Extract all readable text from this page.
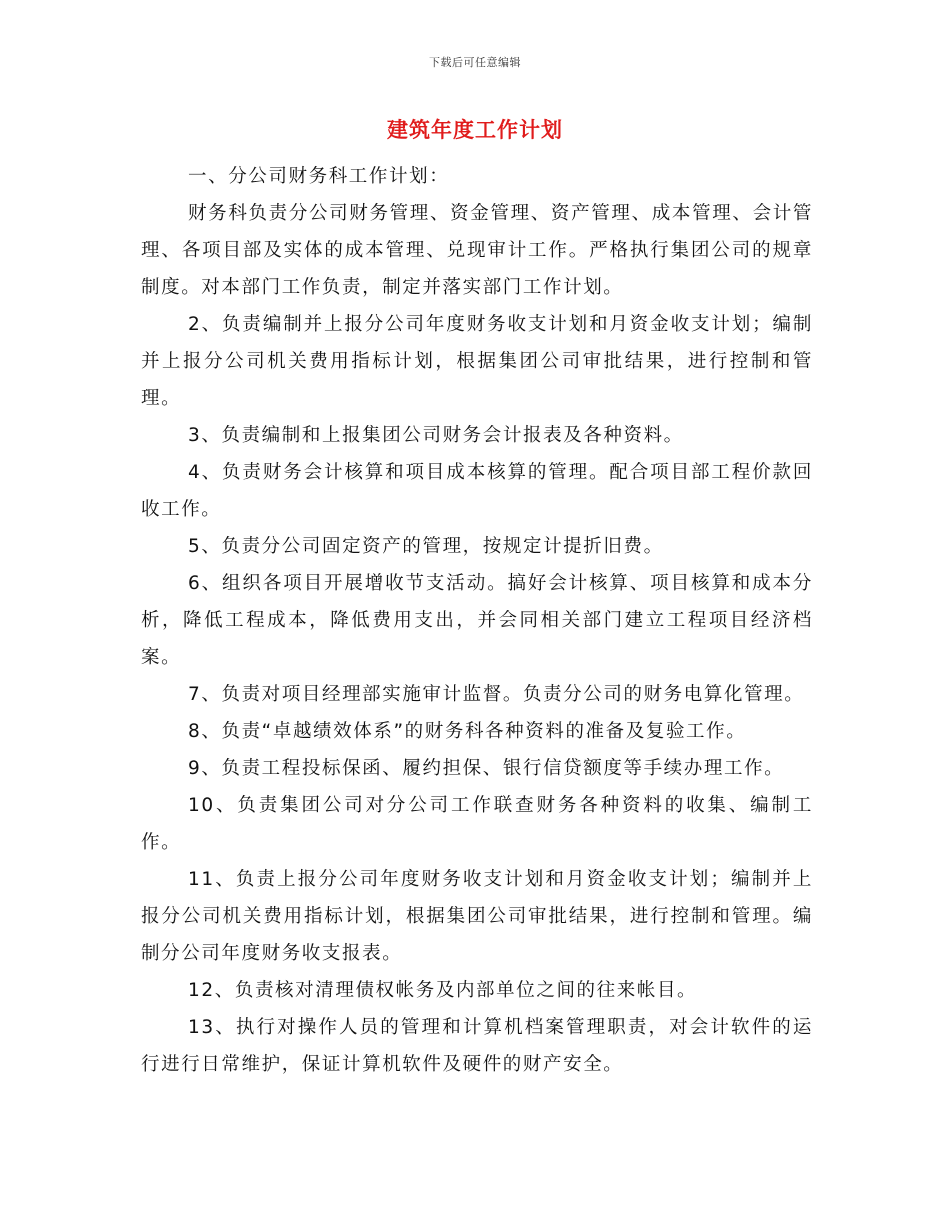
下载后可任意编辑
建筑年度工作计划

一、分公司财务科工作计划：

财务科负责分公司财务管理、资金管理、资产管理、成本管理、会计管理、各项目部及实体的成本管理、兑现审计工作。严格执行集团公司的规章制度。对本部门工作负责，制定并落实部门工作计划。

2、负责编制并上报分公司年度财务收支计划和月资金收支计划；编制并上报分公司机关费用指标计划，根据集团公司审批结果，进行控制和管理。

3、负责编制和上报集团公司财务会计报表及各种资料。

4、负责财务会计核算和项目成本核算的管理。配合项目部工程价款回收工作。

5、负责分公司固定资产的管理，按规定计提折旧费。

6、组织各项目开展增收节支活动。搞好会计核算、项目核算和成本分析，降低工程成本，降低费用支出，并会同相关部门建立工程项目经济档案。

7、负责对项目经理部实施审计监督。负责分公司的财务电算化管理。

8、负责“卓越绩效体系”的财务科各种资料的准备及复验工作。

9、负责工程投标保函、履约担保、银行信贷额度等手续办理工作。

10、负责集团公司对分公司工作联查财务各种资料的收集、编制工作。

11、负责上报分公司年度财务收支计划和月资金收支计划；编制并上报分公司机关费用指标计划，根据集团公司审批结果，进行控制和管理。编制分公司年度财务收支报表。

12、负责核对清理债权帐务及内部单位之间的往来帐目。

13、执行对操作人员的管理和计算机档案管理职责，对会计软件的运行进行日常维护，保证计算机软件及硬件的财产安全。
